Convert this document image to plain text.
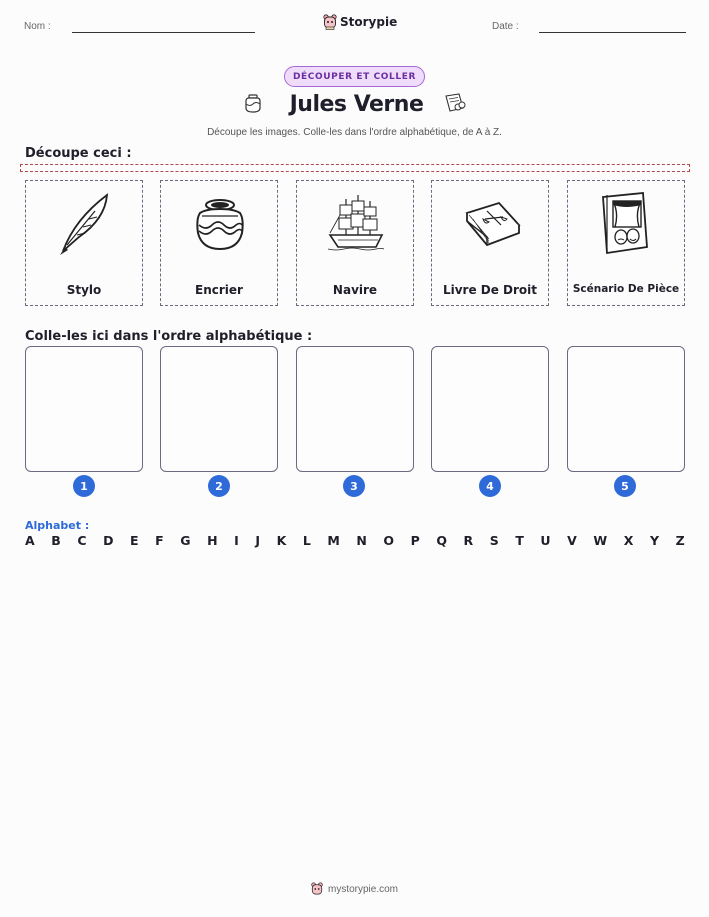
Nom :	Storypie	Date :
DÉCOUPER ET COLLER
Jules Verne
Découpe les images. Colle-les dans l'ordre alphabétique, de A à Z.
Découpe ceci :
Stylo	Encrier	Navire	Livre De Droit	Scénario De Pièce
Colle-les ici dans l'ordre alphabétique :
1	2	3	4	5
Alphabet :
A B C D E F G H I J K L M N O P Q R S T U V W X Y Z
mystorypie.com
